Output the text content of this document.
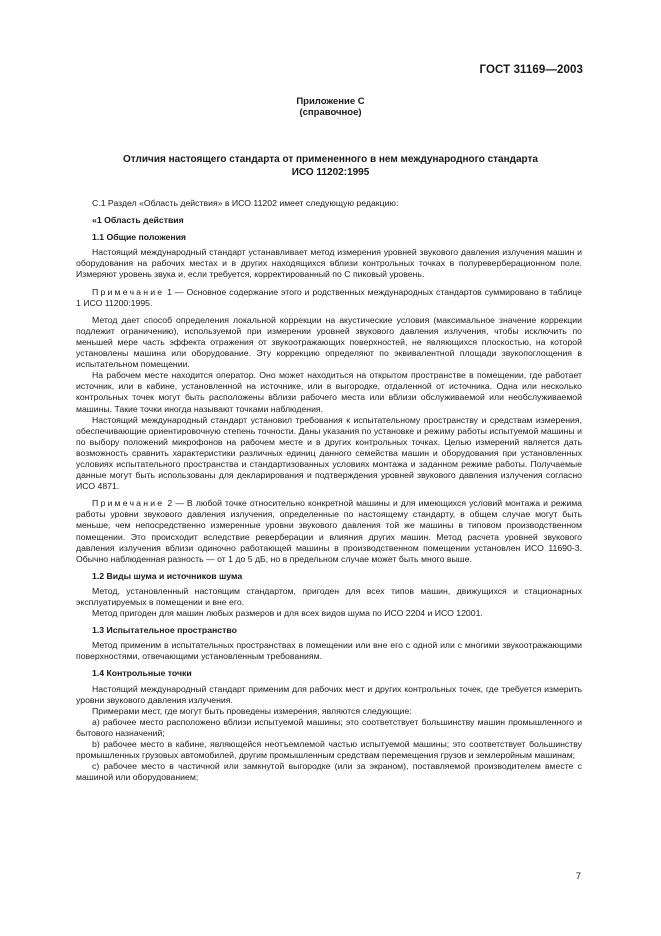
ГОСТ 31169—2003
Приложение С
(справочное)
Отличия настоящего стандарта от примененного в нем международного стандарта
ИСО 11202:1995

С.1 Раздел «Область действия» в ИСО 11202 имеет следующую редакцию:

«1 Область действия

1.1 Общие положения

Настоящий международный стандарт устанавливает метод измерения уровней звукового давления излучения машин и оборудования на рабочих местах и в других находящихся вблизи контрольных точках в полуреверберационном поле. Измеряют уровень звука и, если требуется, корректированный по С пиковый уровень.

Примечание 1 — Основное содержание этого и родственных международных стандартов суммировано в таблице 1 ИСО 11200:1995.

Метод дает способ определения локальной коррекции на акустические условия (максимальное значение коррекции подлежит ограничению), используемой при измерении уровней звукового давления излучения, чтобы исключить по меньшей мере часть эффекта отражения от звукоотражающих поверхностей, не являющихся плоскостью, на которой установлены машина или оборудование. Эту коррекцию определяют по эквивалентной площади звукопоглощения в испытательном помещении.

На рабочем месте находится оператор. Оно может находиться на открытом пространстве в помещении, где работает источник, или в кабине, установленной на источнике, или в выгородке, отдаленной от источника. Одна или несколько контрольных точек могут быть расположены вблизи рабочего места или вблизи обслуживаемой или необслуживаемой машины. Такие точки иногда называют точками наблюдения.

Настоящий международный стандарт установил требования к испытательному пространству и средствам измерения, обеспечивающие ориентировочную степень точности. Даны указания по установке и режиму работы испытуемой машины и по выбору положений микрофонов на рабочем месте и в других контрольных точках. Целью измерений является дать возможность сравнить характеристики различных единиц данного семейства машин и оборудования при установленных условиях испытательного пространства и стандартизованных условиях монтажа и заданном режиме работы. Получаемые данные могут быть использованы для декларирования и подтверждения уровней звукового давления излучения согласно ИСО 4871.

Примечание 2 — В любой точке относительно конкретной машины и для имеющихся условий монтажа и режима работы уровни звукового давления излучения, определенные по настоящему стандарту, в общем случае могут быть меньше, чем непосредственно измеренные уровни звукового давления той же машины в типовом производственном помещении. Это происходит вследствие реверберации и влияния других машин. Метод расчета уровней звукового давления излучения вблизи одиночно работающей машины в производственном помещении установлен ИСО 11690-3. Обычно наблюденная разность — от 1 до 5 дБ, но в предельном случае может быть много выше.

1.2 Виды шума и источников шума

Метод, установленный настоящим стандартом, пригоден для всех типов машин, движущихся и стационарных эксплуатируемых в помещении и вне его.

Метод пригоден для машин любых размеров и для всех видов шума по ИСО 2204 и ИСО 12001.

1.3 Испытательное пространство

Метод применим в испытательных пространствах в помещении или вне его с одной или с многими звукоотражающими поверхностями, отвечающими установленным требованиям.

1.4 Контрольные точки

Настоящий международный стандарт применим для рабочих мест и других контрольных точек, где требуется измерить уровни звукового давления излучения.

Примерами мест, где могут быть проведены измерения, являются следующие:

а) рабочее место расположено вблизи испытуемой машины; это соответствует большинству машин промышленного и бытового назначений;

b) рабочее место в кабине, являющейся неотъемлемой частью испытуемой машины; это соответствует большинству промышленных грузовых автомобилей, другим промышленным средствам перемещения грузов и землеройным машинам;

с) рабочее место в частичной или замкнутой выгородке (или за экраном), поставляемой производителем вместе с машиной или оборудованием;

7
